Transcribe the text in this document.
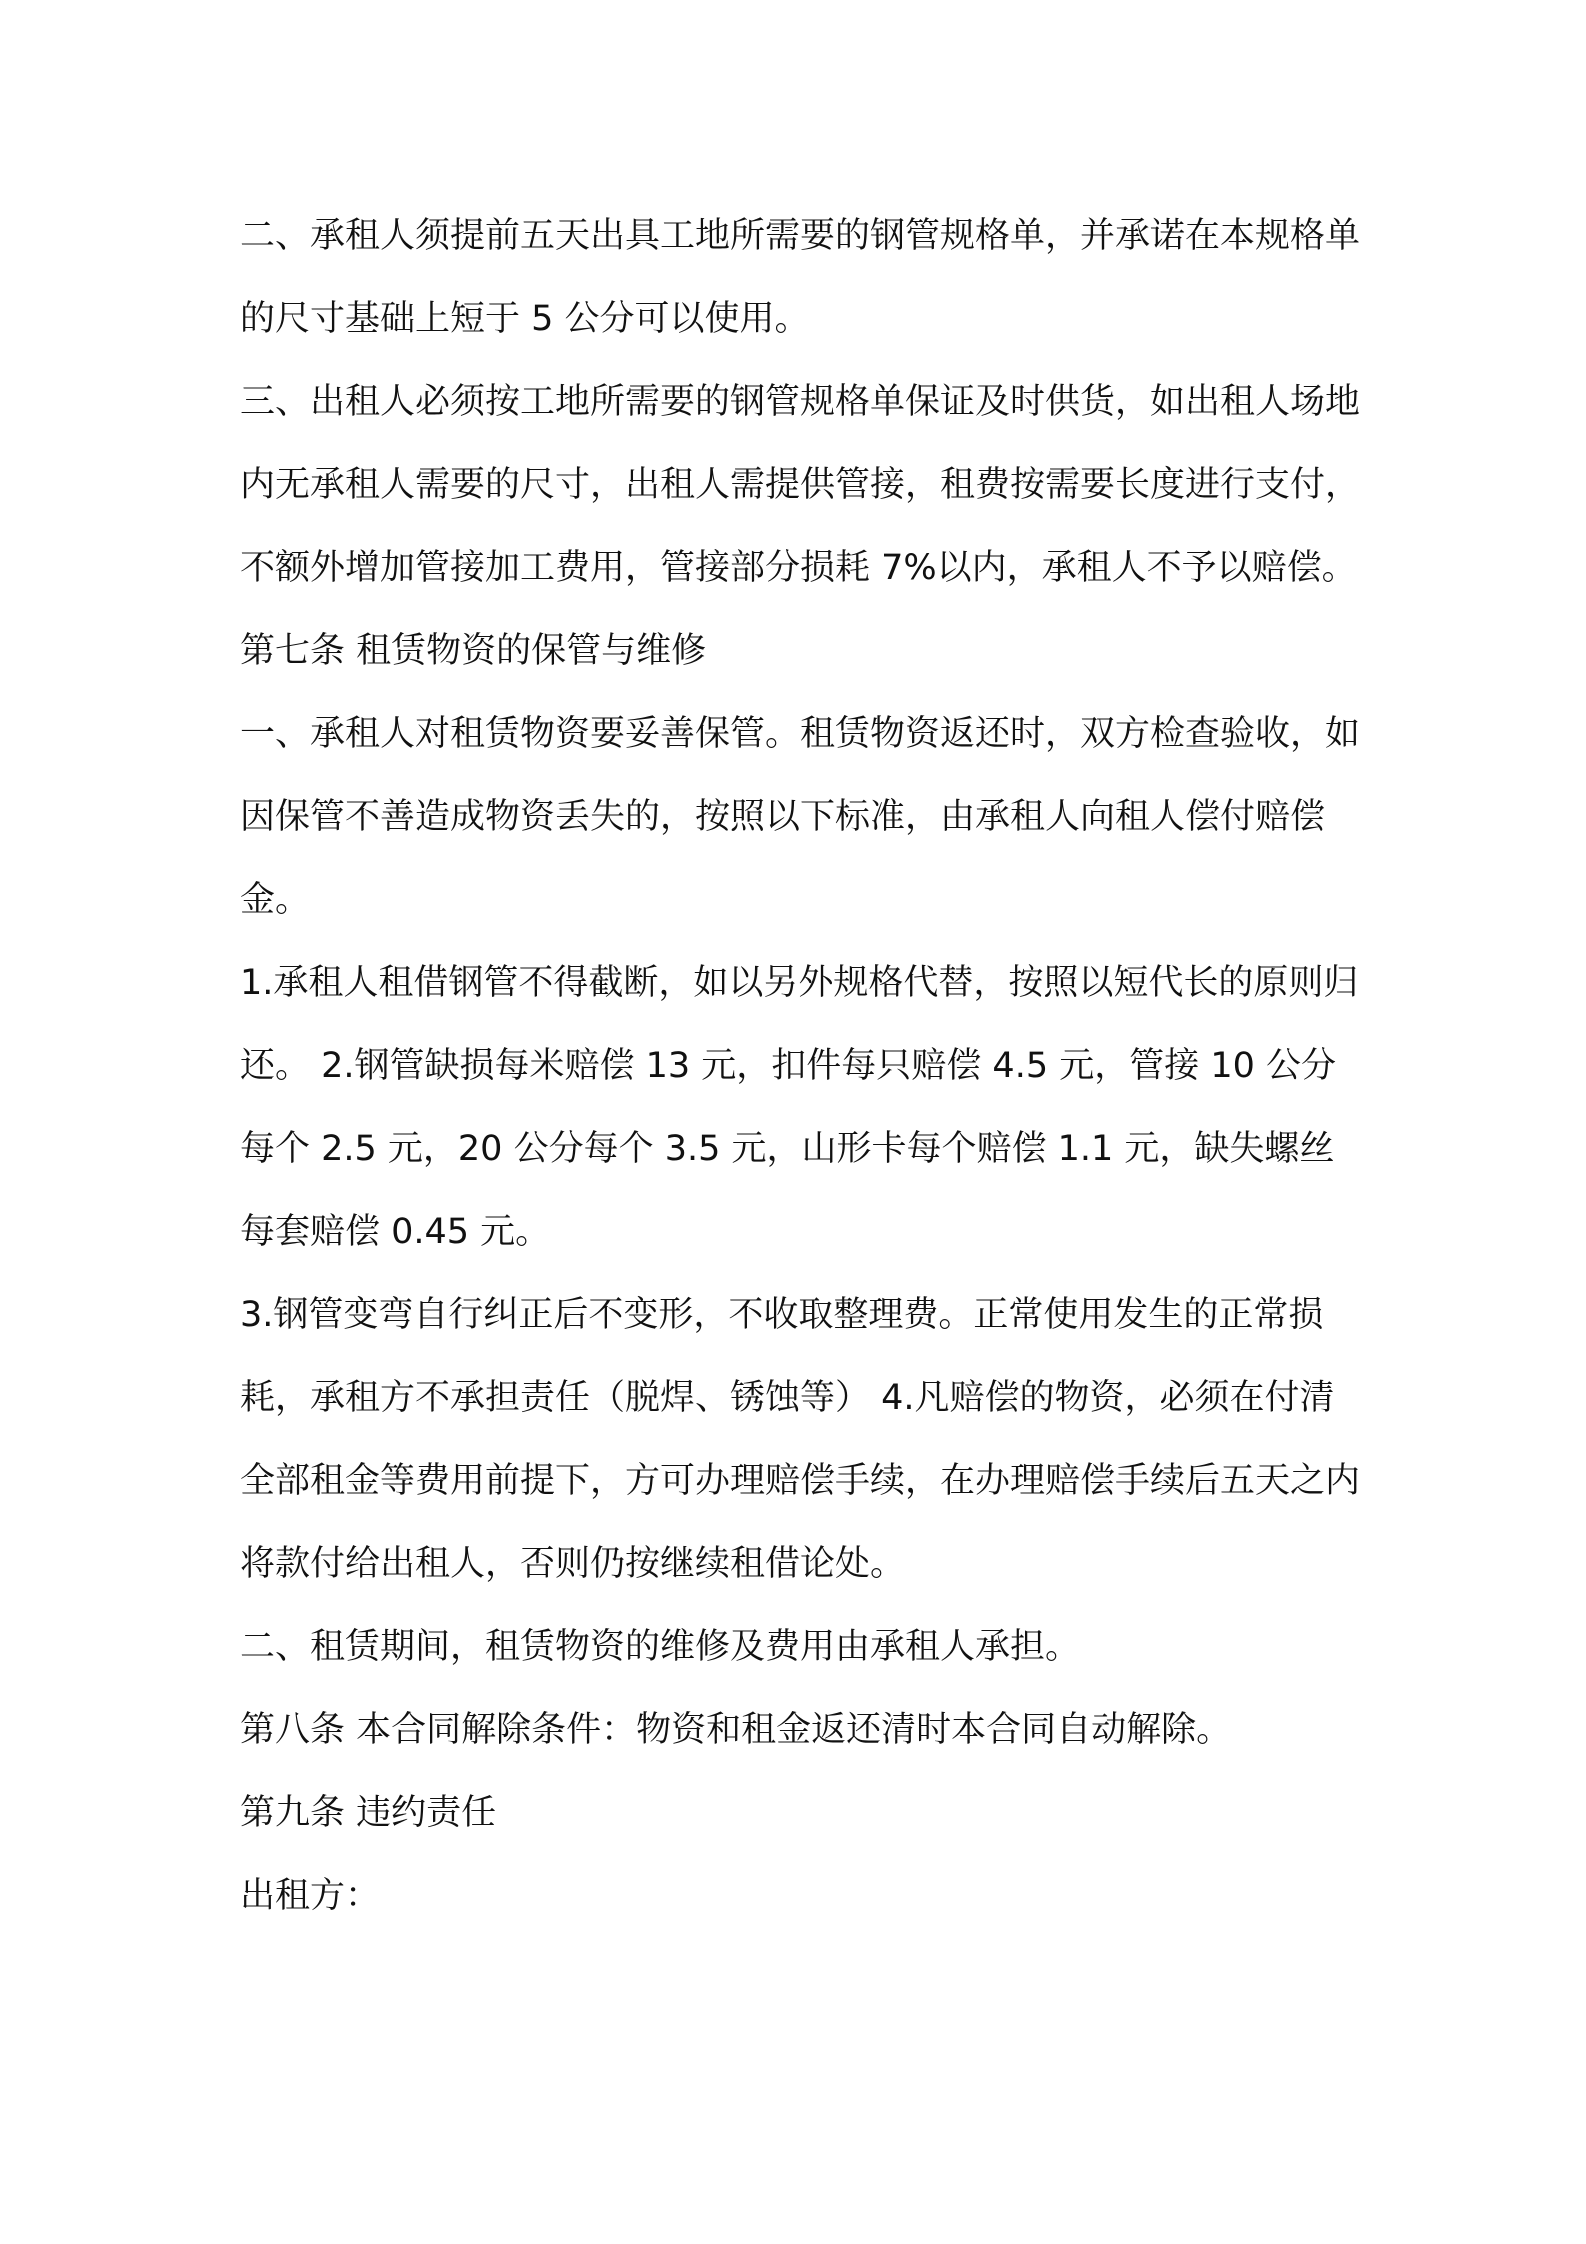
二、承租人须提前五天出具工地所需要的钢管规格单，并承诺在本规格单的尺寸基础上短于 5 公分可以使用。

三、出租人必须按工地所需要的钢管规格单保证及时供货，如出租人场地内无承租人需要的尺寸，出租人需提供管接，租费按需要长度进行支付，不额外增加管接加工费用，管接部分损耗 7%以内，承租人不予以赔偿。

第七条 租赁物资的保管与维修

一、承租人对租赁物资要妥善保管。租赁物资返还时，双方检查验收，如因保管不善造成物资丢失的，按照以下标准，由承租人向租人偿付赔偿金。

1.承租人租借钢管不得截断，如以另外规格代替，按照以短代长的原则归还。 2.钢管缺损每米赔偿 13 元，扣件每只赔偿 4.5 元，管接 10 公分每个 2.5 元，20 公分每个 3.5 元，山形卡每个赔偿 1.1 元，缺失螺丝每套赔偿 0.45 元。

3.钢管变弯自行纠正后不变形，不收取整理费。正常使用发生的正常损耗，承租方不承担责任（脱焊、锈蚀等） 4.凡赔偿的物资，必须在付清全部租金等费用前提下，方可办理赔偿手续，在办理赔偿手续后五天之内将款付给出租人，否则仍按继续租借论处。

二、租赁期间，租赁物资的维修及费用由承租人承担。

第八条 本合同解除条件：物资和租金返还清时本合同自动解除。

第九条 违约责任

出租方：
